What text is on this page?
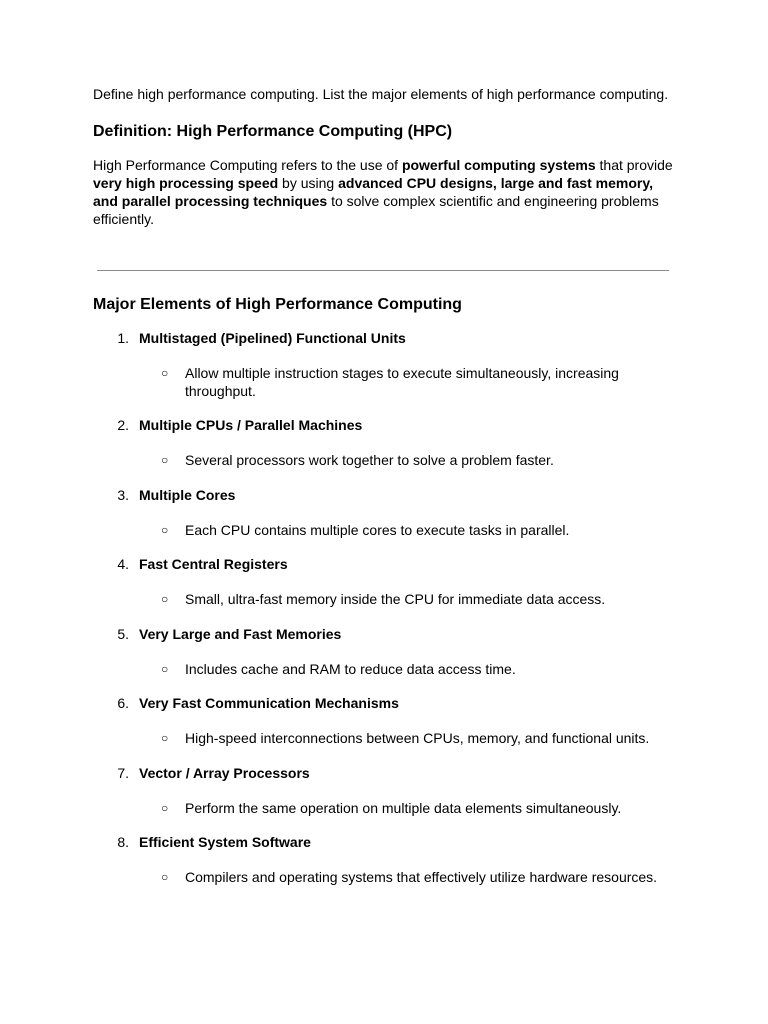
Define high performance computing. List the major elements of high performance computing.

Definition: High Performance Computing (HPC)

High Performance Computing refers to the use of powerful computing systems that provide very high processing speed by using advanced CPU designs, large and fast memory, and parallel processing techniques to solve complex scientific and engineering problems efficiently.

Major Elements of High Performance Computing
1. Multistaged (Pipelined) Functional Units
○ Allow multiple instruction stages to execute simultaneously, increasing throughput.
2. Multiple CPUs / Parallel Machines
○ Several processors work together to solve a problem faster.
3. Multiple Cores
○ Each CPU contains multiple cores to execute tasks in parallel.
4. Fast Central Registers
○ Small, ultra-fast memory inside the CPU for immediate data access.
5. Very Large and Fast Memories
○ Includes cache and RAM to reduce data access time.
6. Very Fast Communication Mechanisms
○ High-speed interconnections between CPUs, memory, and functional units.
7. Vector / Array Processors
○ Perform the same operation on multiple data elements simultaneously.
8. Efficient System Software
○ Compilers and operating systems that effectively utilize hardware resources.
